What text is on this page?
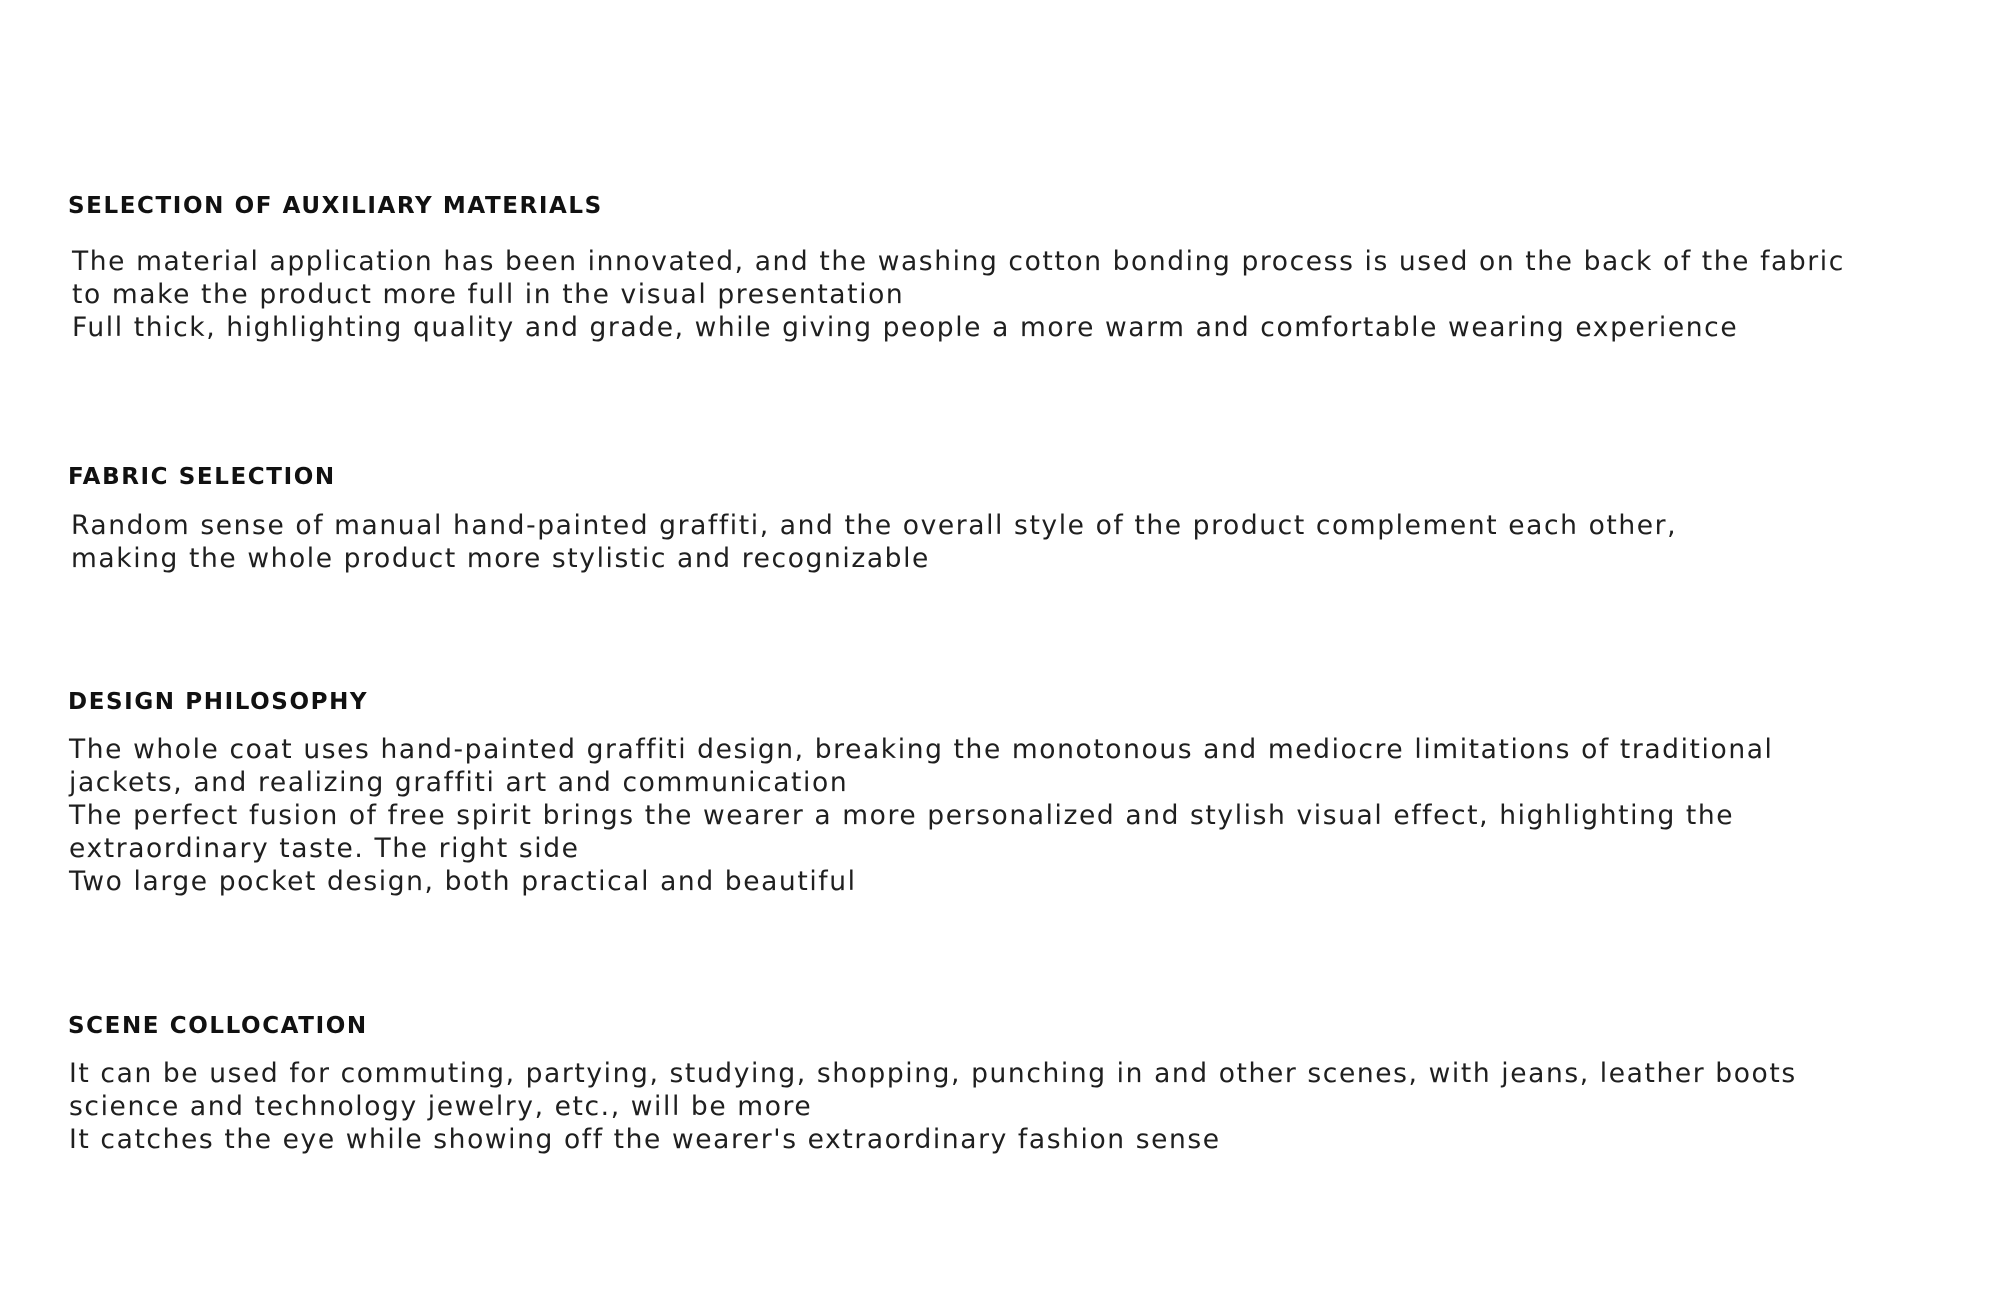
SELECTION OF AUXILIARY MATERIALS

The material application has been innovated, and the washing cotton bonding process is used on the back of the fabric
to make the product more full in the visual presentation
Full thick, highlighting quality and grade, while giving people a more warm and comfortable wearing experience

FABRIC SELECTION

Random sense of manual hand-painted graffiti, and the overall style of the product complement each other,
making the whole product more stylistic and recognizable

DESIGN PHILOSOPHY

The whole coat uses hand-painted graffiti design, breaking the monotonous and mediocre limitations of traditional
jackets, and realizing graffiti art and communication
The perfect fusion of free spirit brings the wearer a more personalized and stylish visual effect, highlighting the
extraordinary taste. The right side
Two large pocket design, both practical and beautiful

SCENE COLLOCATION

It can be used for commuting, partying, studying, shopping, punching in and other scenes, with jeans, leather boots
science and technology jewelry, etc., will be more
It catches the eye while showing off the wearer's extraordinary fashion sense
